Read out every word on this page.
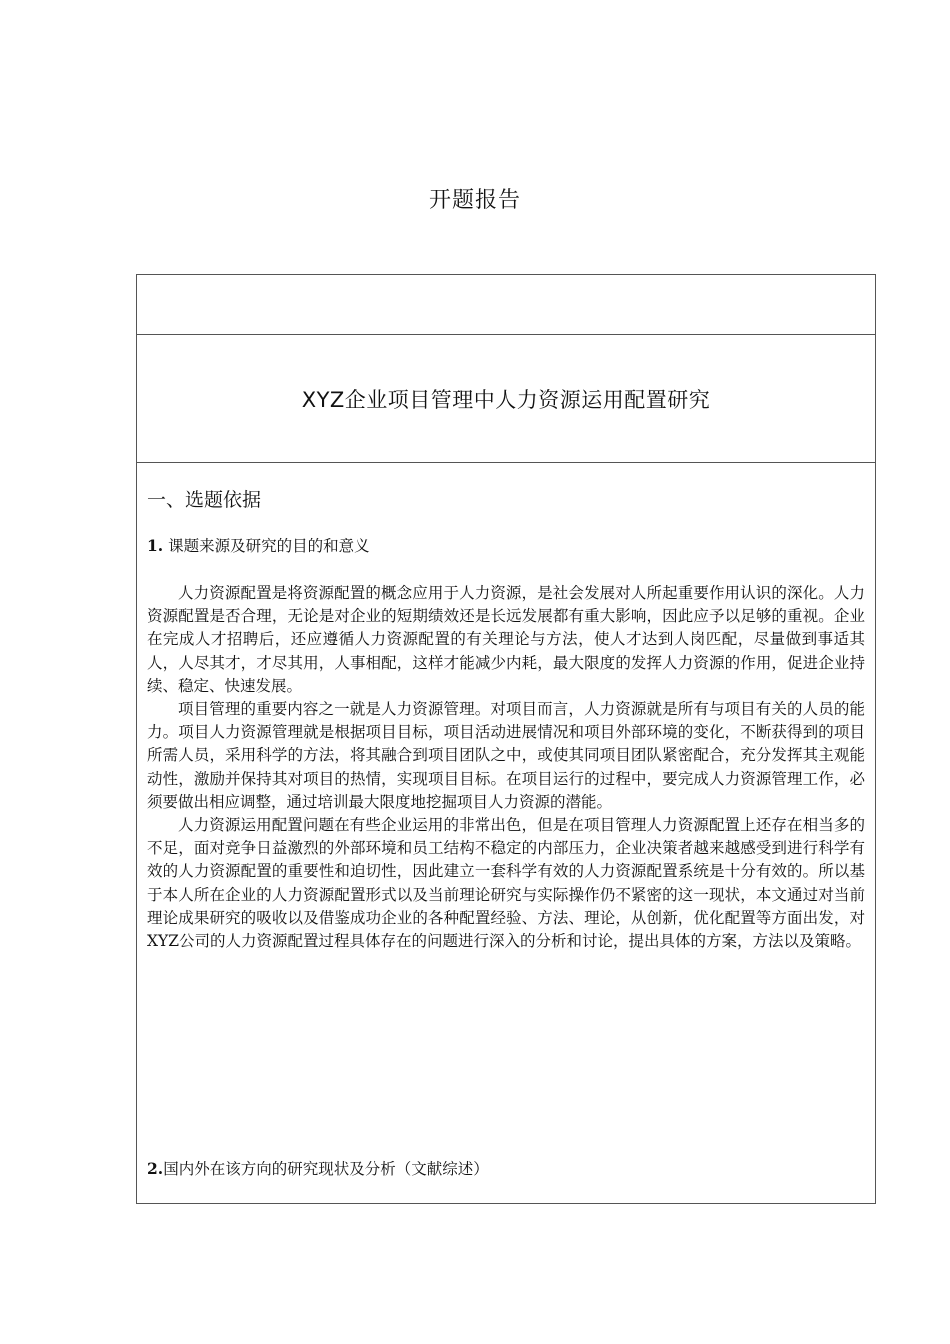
开题报告
XYZ企业项目管理中人力资源运用配置研究
一、选题依据
1. 课题来源及研究的目的和意义

人力资源配置是将资源配置的概念应用于人力资源，是社会发展对人所起重要作用认识的深化。人力资源配置是否合理，无论是对企业的短期绩效还是长远发展都有重大影响，因此应予以足够的重视。企业在完成人才招聘后，还应遵循人力资源配置的有关理论与方法，使人才达到人岗匹配，尽量做到事适其人，人尽其才，才尽其用，人事相配，这样才能减少内耗，最大限度的发挥人力资源的作用，促进企业持续、稳定、快速发展。

项目管理的重要内容之一就是人力资源管理。对项目而言，人力资源就是所有与项目有关的人员的能力。项目人力资源管理就是根据项目目标，项目活动进展情况和项目外部环境的变化，不断获得到的项目所需人员，采用科学的方法，将其融合到项目团队之中，或使其同项目团队紧密配合，充分发挥其主观能动性，激励并保持其对项目的热情，实现项目目标。在项目运行的过程中，要完成人力资源管理工作，必须要做出相应调整，通过培训最大限度地挖掘项目人力资源的潜能。

人力资源运用配置问题在有些企业运用的非常出色，但是在项目管理人力资源配置上还存在相当多的不足，面对竞争日益激烈的外部环境和员工结构不稳定的内部压力，企业决策者越来越感受到进行科学有效的人力资源配置的重要性和迫切性，因此建立一套科学有效的人力资源配置系统是十分有效的。所以基于本人所在企业的人力资源配置形式以及当前理论研究与实际操作仍不紧密的这一现状，本文通过对当前理论成果研究的吸收以及借鉴成功企业的各种配置经验、方法、理论，从创新，优化配置等方面出发，对XYZ公司的人力资源配置过程具体存在的问题进行深入的分析和讨论，提出具体的方案，方法以及策略。

2.国内外在该方向的研究现状及分析（文献综述）
